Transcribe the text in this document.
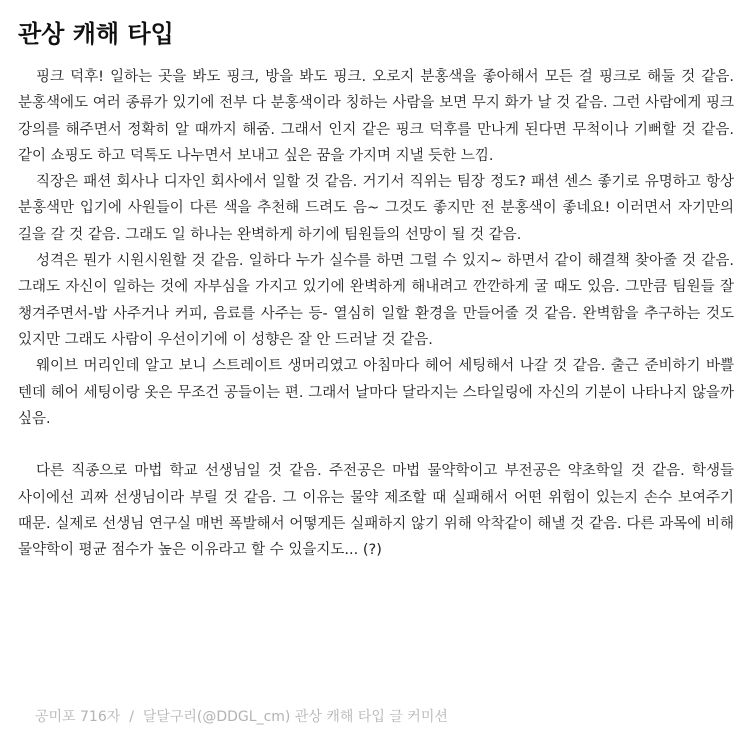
관상 캐해 타입

핑크 덕후! 일하는 곳을 봐도 핑크, 방을 봐도 핑크. 오로지 분홍색을 좋아해서 모든 걸 핑크로 해둘 것 같음. 분홍색에도 여러 종류가 있기에 전부 다 분홍색이라 칭하는 사람을 보면 무지 화가 날 것 같음. 그런 사람에게 핑크 강의를 해주면서 정확히 알 때까지 해줌. 그래서 인지 같은 핑크 덕후를 만나게 된다면 무척이나 기뻐할 것 같음. 같이 쇼핑도 하고 덕톡도 나누면서 보내고 싶은 꿈을 가지며 지낼 듯한 느낌.

직장은 패션 회사나 디자인 회사에서 일할 것 같음. 거기서 직위는 팀장 정도? 패션 센스 좋기로 유명하고 항상 분홍색만 입기에 사원들이 다른 색을 추천해 드려도 음~ 그것도 좋지만 전 분홍색이 좋네요! 이러면서 자기만의 길을 갈 것 같음. 그래도 일 하나는 완벽하게 하기에 팀원들의 선망이 될 것 같음.

성격은 뭔가 시원시원할 것 같음. 일하다 누가 실수를 하면 그럴 수 있지~ 하면서 같이 해결책 찾아줄 것 같음. 그래도 자신이 일하는 것에 자부심을 가지고 있기에 완벽하게 해내려고 깐깐하게 굴 때도 있음. 그만큼 팀원들 잘 챙겨주면서-밥 사주거나 커피, 음료를 사주는 등- 열심히 일할 환경을 만들어줄 것 같음. 완벽함을 추구하는 것도 있지만 그래도 사람이 우선이기에 이 성향은 잘 안 드러날 것 같음.

웨이브 머리인데 알고 보니 스트레이트 생머리였고 아침마다 헤어 세팅해서 나갈 것 같음. 출근 준비하기 바쁠 텐데 헤어 세팅이랑 옷은 무조건 공들이는 편. 그래서 날마다 달라지는 스타일링에 자신의 기분이 나타나지 않을까 싶음.

다른 직종으로 마법 학교 선생님일 것 같음. 주전공은 마법 물약학이고 부전공은 약초학일 것 같음. 학생들 사이에선 괴짜 선생님이라 부릴 것 같음. 그 이유는 물약 제조할 때 실패해서 어떤 위험이 있는지 손수 보여주기 때문. 실제로 선생님 연구실 매번 폭발해서 어떻게든 실패하지 않기 위해 악착같이 해낼 것 같음. 다른 과목에 비해 물약학이 평균 점수가 높은 이유라고 할 수 있을지도... (?)

공미포 716자 / 달달구리(@DDGL_cm) 관상 캐해 타입 글 커미션
